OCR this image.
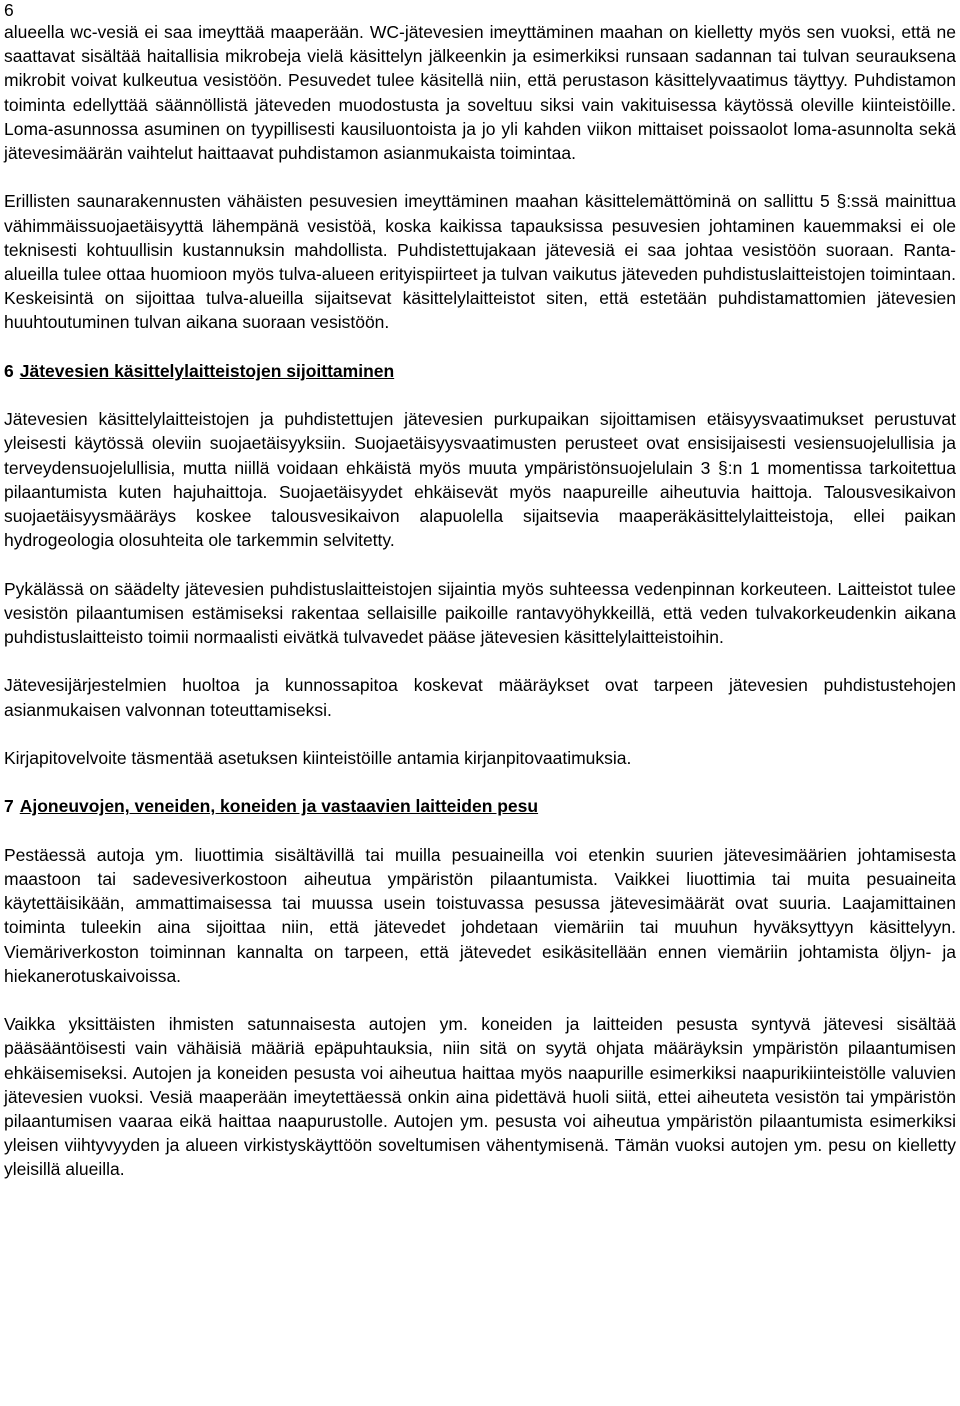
6

alueella wc-vesiä ei saa imeyttää maaperään. WC-jätevesien imeyttäminen maahan on kielletty myös sen vuoksi, että ne saattavat sisältää haitallisia mikrobeja vielä käsittelyn jälkeenkin ja esimerkiksi runsaan sadannan tai tulvan seurauksena mikrobit voivat kulkeutua vesistöön. Pesuvedet tulee käsitellä niin, että perustason käsittelyvaatimus täyttyy. Puhdistamon toiminta edellyttää säännöllistä jäteveden muodostusta ja soveltuu siksi vain vakituisessa käytössä oleville kiinteistöille. Loma-asunnossa asuminen on tyypillisesti kausiluontoista ja jo yli kahden viikon mittaiset poissaolot loma-asunnolta sekä jätevesimäärän vaihtelut haittaavat puhdistamon asianmukaista toimintaa.

Erillisten saunarakennusten vähäisten pesuvesien imeyttäminen maahan käsittelemättöminä on sallittu 5 §:ssä mainittua vähimmäissuojaetäisyyttä lähempänä vesistöä, koska kaikissa tapauksissa pesuvesien johtaminen kauemmaksi ei ole teknisesti kohtuullisin kustannuksin mahdollista. Puhdistettujakaan jätevesiä ei saa johtaa vesistöön suoraan. Ranta-alueilla tulee ottaa huomioon myös tulva-alueen erityispiirteet ja tulvan vaikutus jäteveden puhdistuslaitteistojen toimintaan. Keskeisintä on sijoittaa tulva-alueilla sijaitsevat käsittelylaitteistot siten, että estetään puhdistamattomien jätevesien huuhtoutuminen tulvan aikana suoraan vesistöön.

6 Jätevesien käsittelylaitteistojen sijoittaminen

Jätevesien käsittelylaitteistojen ja puhdistettujen jätevesien purkupaikan sijoittamisen etäisyysvaatimukset perustuvat yleisesti käytössä oleviin suojaetäisyyksiin. Suojaetäisyysvaatimusten perusteet ovat ensisijaisesti vesiensuojelullisia ja terveydensuojelullisia, mutta niillä voidaan ehkäistä myös muuta ympäristönsuojelulain 3 §:n 1 momentissa tarkoitettua pilaantumista kuten hajuhaittoja. Suojaetäisyydet ehkäisevät myös naapureille aiheutuvia haittoja. Talousvesikaivon suojaetäisyysmääräys koskee talousvesikaivon alapuolella sijaitsevia maaperäkäsittelylaitteistoja, ellei paikan hydrogeologia olosuhteita ole tarkemmin selvitetty.

Pykälässä on säädelty jätevesien puhdistuslaitteistojen sijaintia myös suhteessa vedenpinnan korkeuteen. Laitteistot tulee vesistön pilaantumisen estämiseksi rakentaa sellaisille paikoille rantavyöhykkeillä, että veden tulvakorkeudenkin aikana puhdistuslaitteisto toimii normaalisti eivätkä tulvavedet pääse jätevesien käsittelylaitteistoihin.

Jätevesijärjestelmien huoltoa ja kunnossapitoa koskevat määräykset ovat tarpeen jätevesien puhdistustehojen asianmukaisen valvonnan toteuttamiseksi.

Kirjapitovelvoite täsmentää asetuksen kiinteistöille antamia kirjanpitovaatimuksia.

7 Ajoneuvojen, veneiden, koneiden ja vastaavien laitteiden pesu

Pestäessä autoja ym. liuottimia sisältävillä tai muilla pesuaineilla voi etenkin suurien jätevesimäärien johtamisesta maastoon tai sadevesiverkostoon aiheutua ympäristön pilaantumista. Vaikkei liuottimia tai muita pesuaineita käytettäisikään, ammattimaisessa tai muussa usein toistuvassa pesussa jätevesimäärät ovat suuria. Laajamittainen toiminta tuleekin aina sijoittaa niin, että jätevedet johdetaan viemäriin tai muuhun hyväksyttyyn käsittelyyn. Viemäriverkoston toiminnan kannalta on tarpeen, että jätevedet esikäsitellään ennen viemäriin johtamista öljyn- ja hiekanerotuskaivoissa.

Vaikka yksittäisten ihmisten satunnaisesta autojen ym. koneiden ja laitteiden pesusta syntyvä jätevesi sisältää pääsääntöisesti vain vähäisiä määriä epäpuhtauksia, niin sitä on syytä ohjata määräyksin ympäristön pilaantumisen ehkäisemiseksi. Autojen ja koneiden pesusta voi aiheutua haittaa myös naapurille esimerkiksi naapurikiinteistölle valuvien jätevesien vuoksi. Vesiä maaperään imeytettäessä onkin aina pidettävä huoli siitä, ettei aiheuteta vesistön tai ympäristön pilaantumisen vaaraa eikä haittaa naapurustolle. Autojen ym. pesusta voi aiheutua ympäristön pilaantumista esimerkiksi yleisen viihtyvyyden ja alueen virkistyskäyttöön soveltumisen vähentymisenä. Tämän vuoksi autojen ym. pesu on kielletty yleisillä alueilla.
